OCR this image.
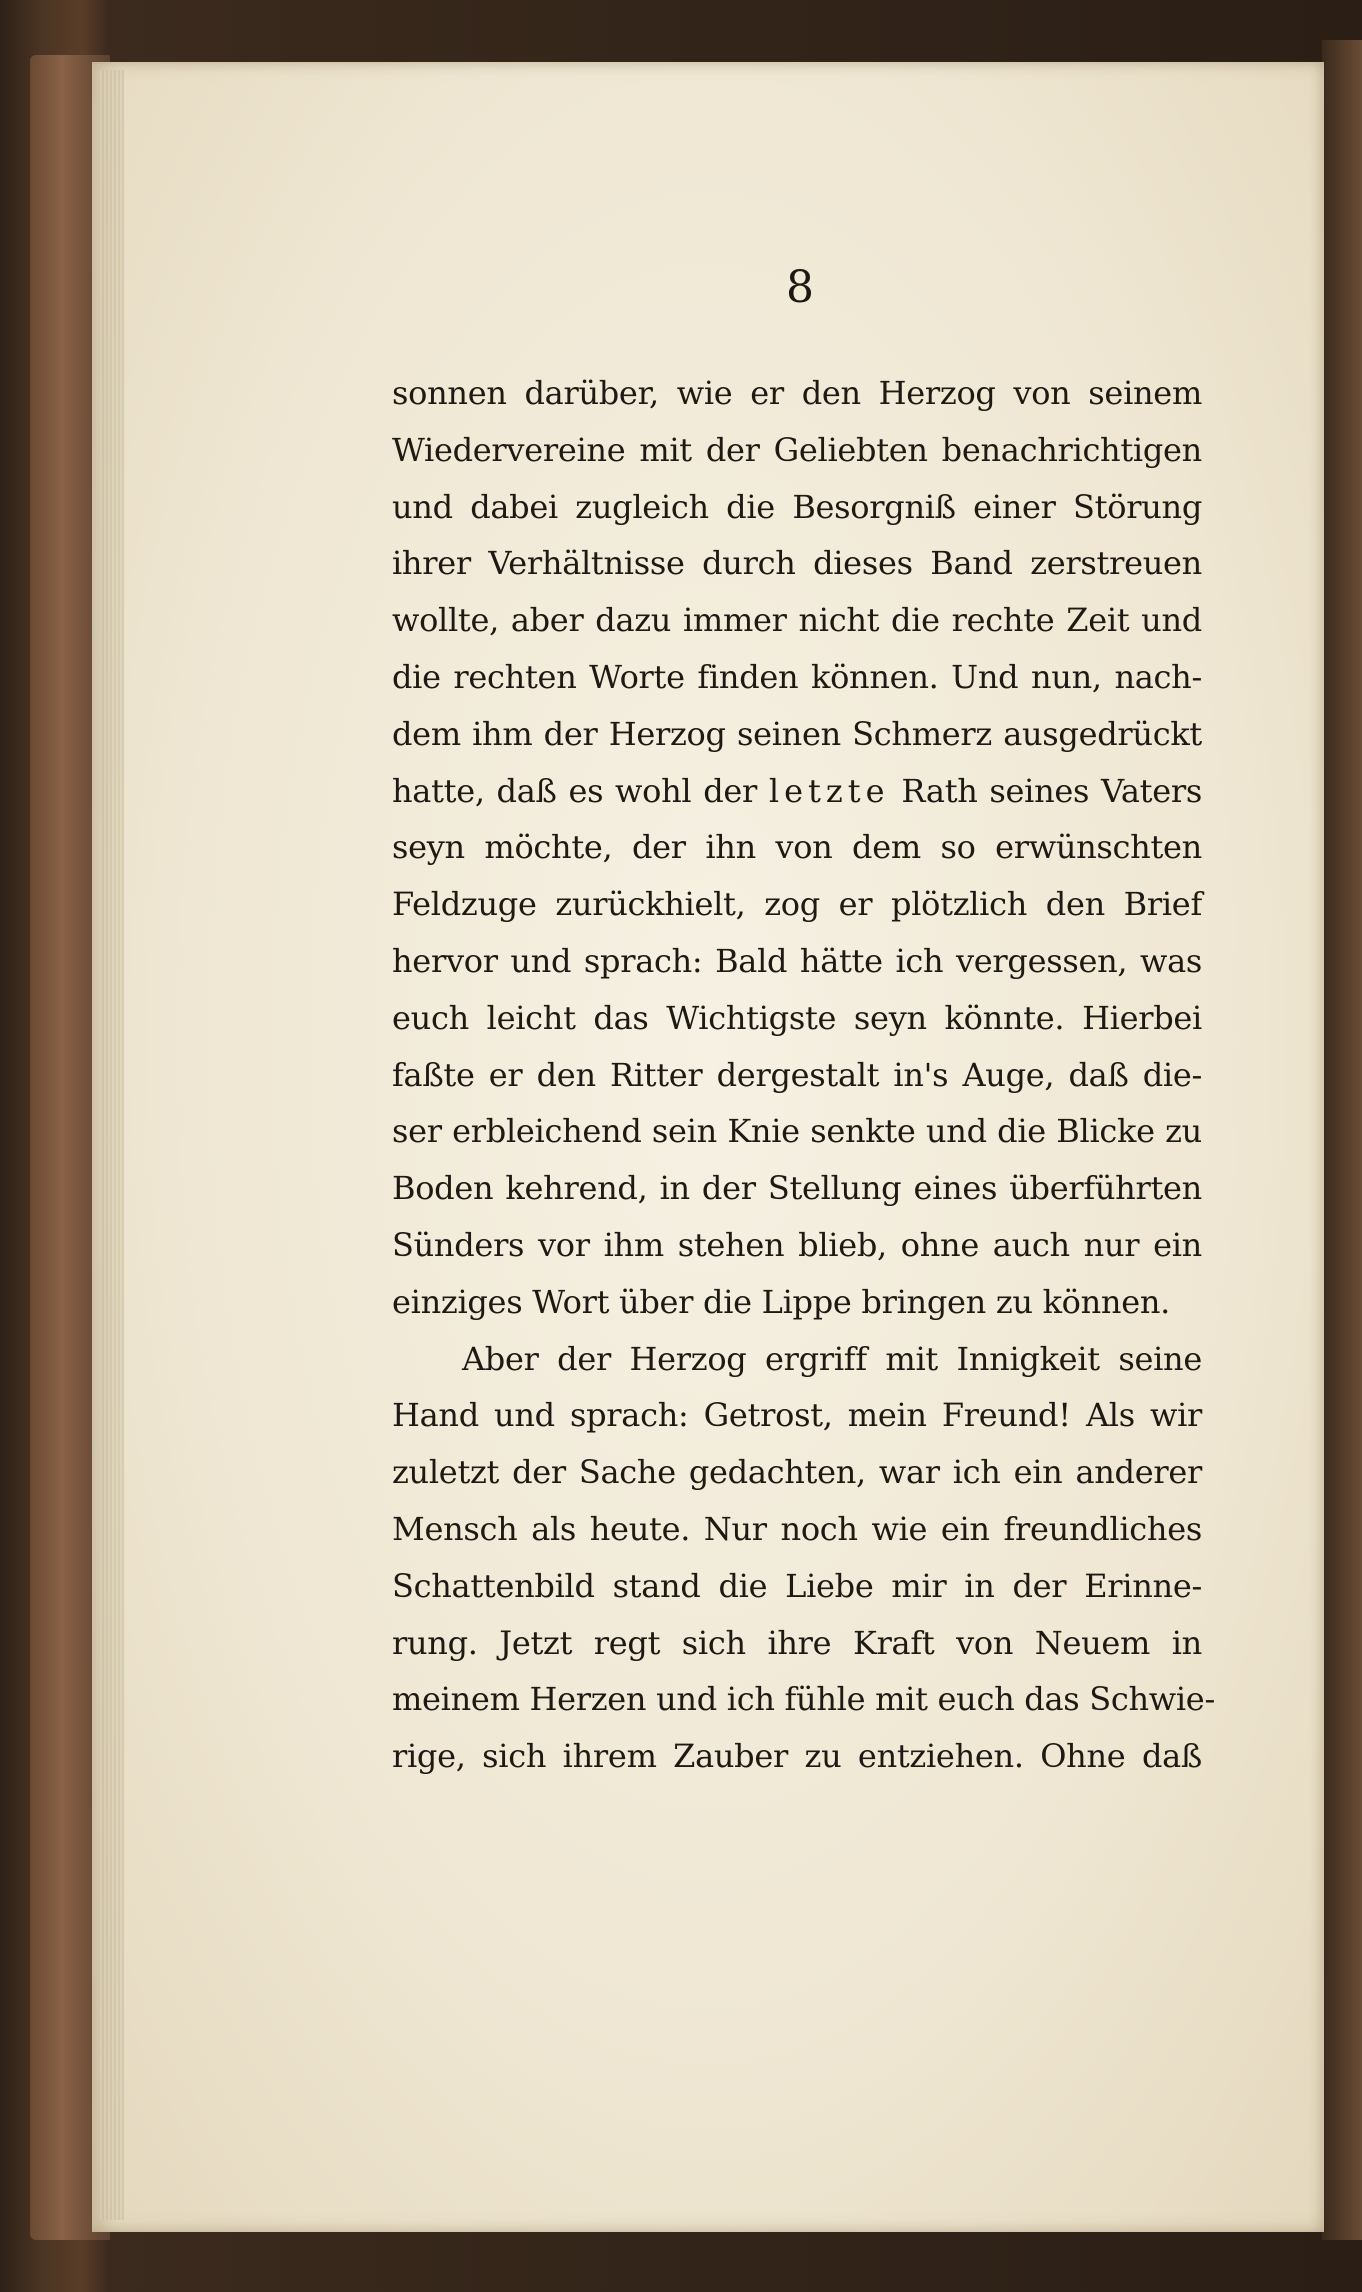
8
sonnen darüber, wie er den Herzog von seinem
Wiedervereine mit der Geliebten benachrichtigen
und dabei zugleich die Besorgniß einer Störung
ihrer Verhältnisse durch dieses Band zerstreuen
wollte, aber dazu immer nicht die rechte Zeit und
die rechten Worte finden können. Und nun, nach-
dem ihm der Herzog seinen Schmerz ausgedrückt
hatte, daß es wohl der letzte Rath seines Vaters
seyn möchte, der ihn von dem so erwünschten
Feldzuge zurückhielt, zog er plötzlich den Brief
hervor und sprach: Bald hätte ich vergessen, was
euch leicht das Wichtigste seyn könnte. Hierbei
faßte er den Ritter dergestalt in's Auge, daß die-
ser erbleichend sein Knie senkte und die Blicke zu
Boden kehrend, in der Stellung eines überführten
Sünders vor ihm stehen blieb, ohne auch nur ein
einziges Wort über die Lippe bringen zu können.
Aber der Herzog ergriff mit Innigkeit seine
Hand und sprach: Getrost, mein Freund! Als wir
zuletzt der Sache gedachten, war ich ein anderer
Mensch als heute. Nur noch wie ein freundliches
Schattenbild stand die Liebe mir in der Erinne-
rung. Jetzt regt sich ihre Kraft von Neuem in
meinem Herzen und ich fühle mit euch das Schwie-
rige, sich ihrem Zauber zu entziehen. Ohne daß
